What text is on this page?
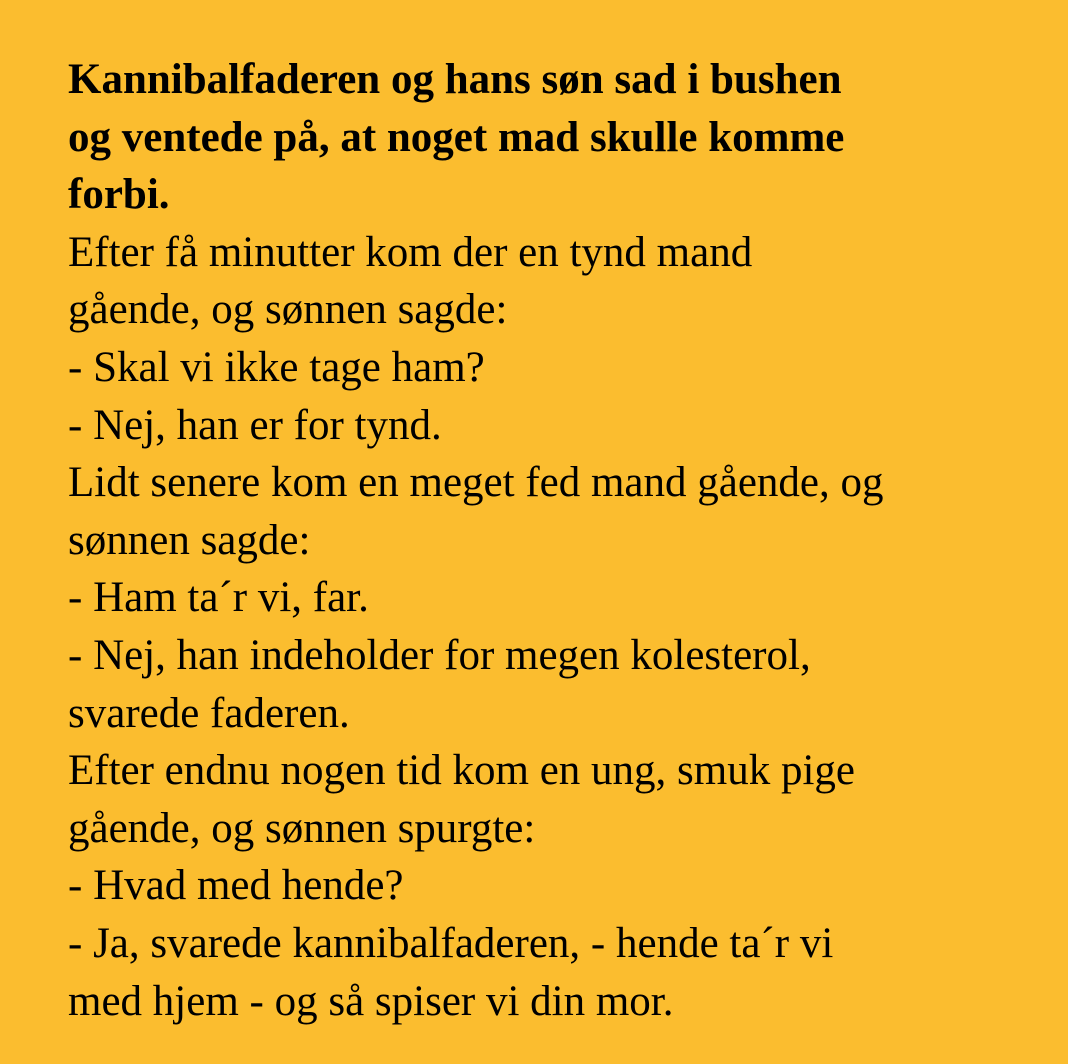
Kannibalfaderen og hans søn sad i bushen
og ventede på, at noget mad skulle komme
forbi.
Efter få minutter kom der en tynd mand
gående, og sønnen sagde:
- Skal vi ikke tage ham?
- Nej, han er for tynd.
Lidt senere kom en meget fed mand gående, og
sønnen sagde:
- Ham ta´r vi, far.
- Nej, han indeholder for megen kolesterol,
svarede faderen.
Efter endnu nogen tid kom en ung, smuk pige
gående, og sønnen spurgte:
- Hvad med hende?
- Ja, svarede kannibalfaderen, - hende ta´r vi
med hjem - og så spiser vi din mor.
